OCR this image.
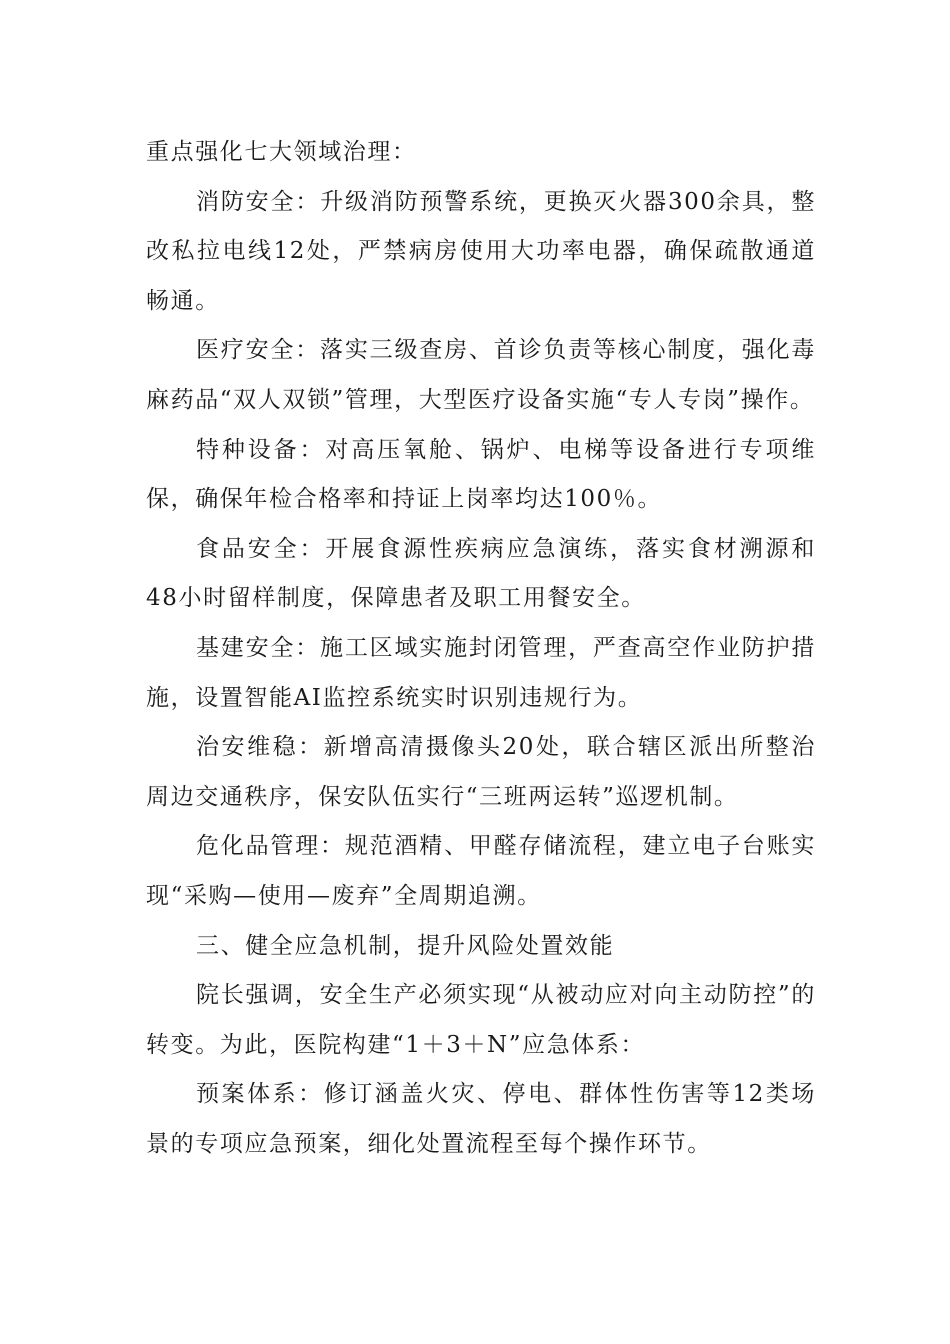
重点强化七大领域治理：

消防安全：升级消防预警系统，更换灭火器300余具，整改私拉电线12处，严禁病房使用大功率电器，确保疏散通道畅通。

医疗安全：落实三级查房、首诊负责等核心制度，强化毒麻药品“双人双锁”管理，大型医疗设备实施“专人专岗”操作。

特种设备：对高压氧舱、锅炉、电梯等设备进行专项维保，确保年检合格率和持证上岗率均达100％。

食品安全：开展食源性疾病应急演练，落实食材溯源和48小时留样制度，保障患者及职工用餐安全。

基建安全：施工区域实施封闭管理，严查高空作业防护措施，设置智能AI监控系统实时识别违规行为。

治安维稳：新增高清摄像头20处，联合辖区派出所整治周边交通秩序，保安队伍实行“三班两运转”巡逻机制。

危化品管理：规范酒精、甲醛存储流程，建立电子台账实现“采购—使用—废弃”全周期追溯。

三、健全应急机制，提升风险处置效能

院长强调，安全生产必须实现“从被动应对向主动防控”的转变。为此，医院构建“1＋3＋N”应急体系：

预案体系：修订涵盖火灾、停电、群体性伤害等12类场景的专项应急预案，细化处置流程至每个操作环节。
